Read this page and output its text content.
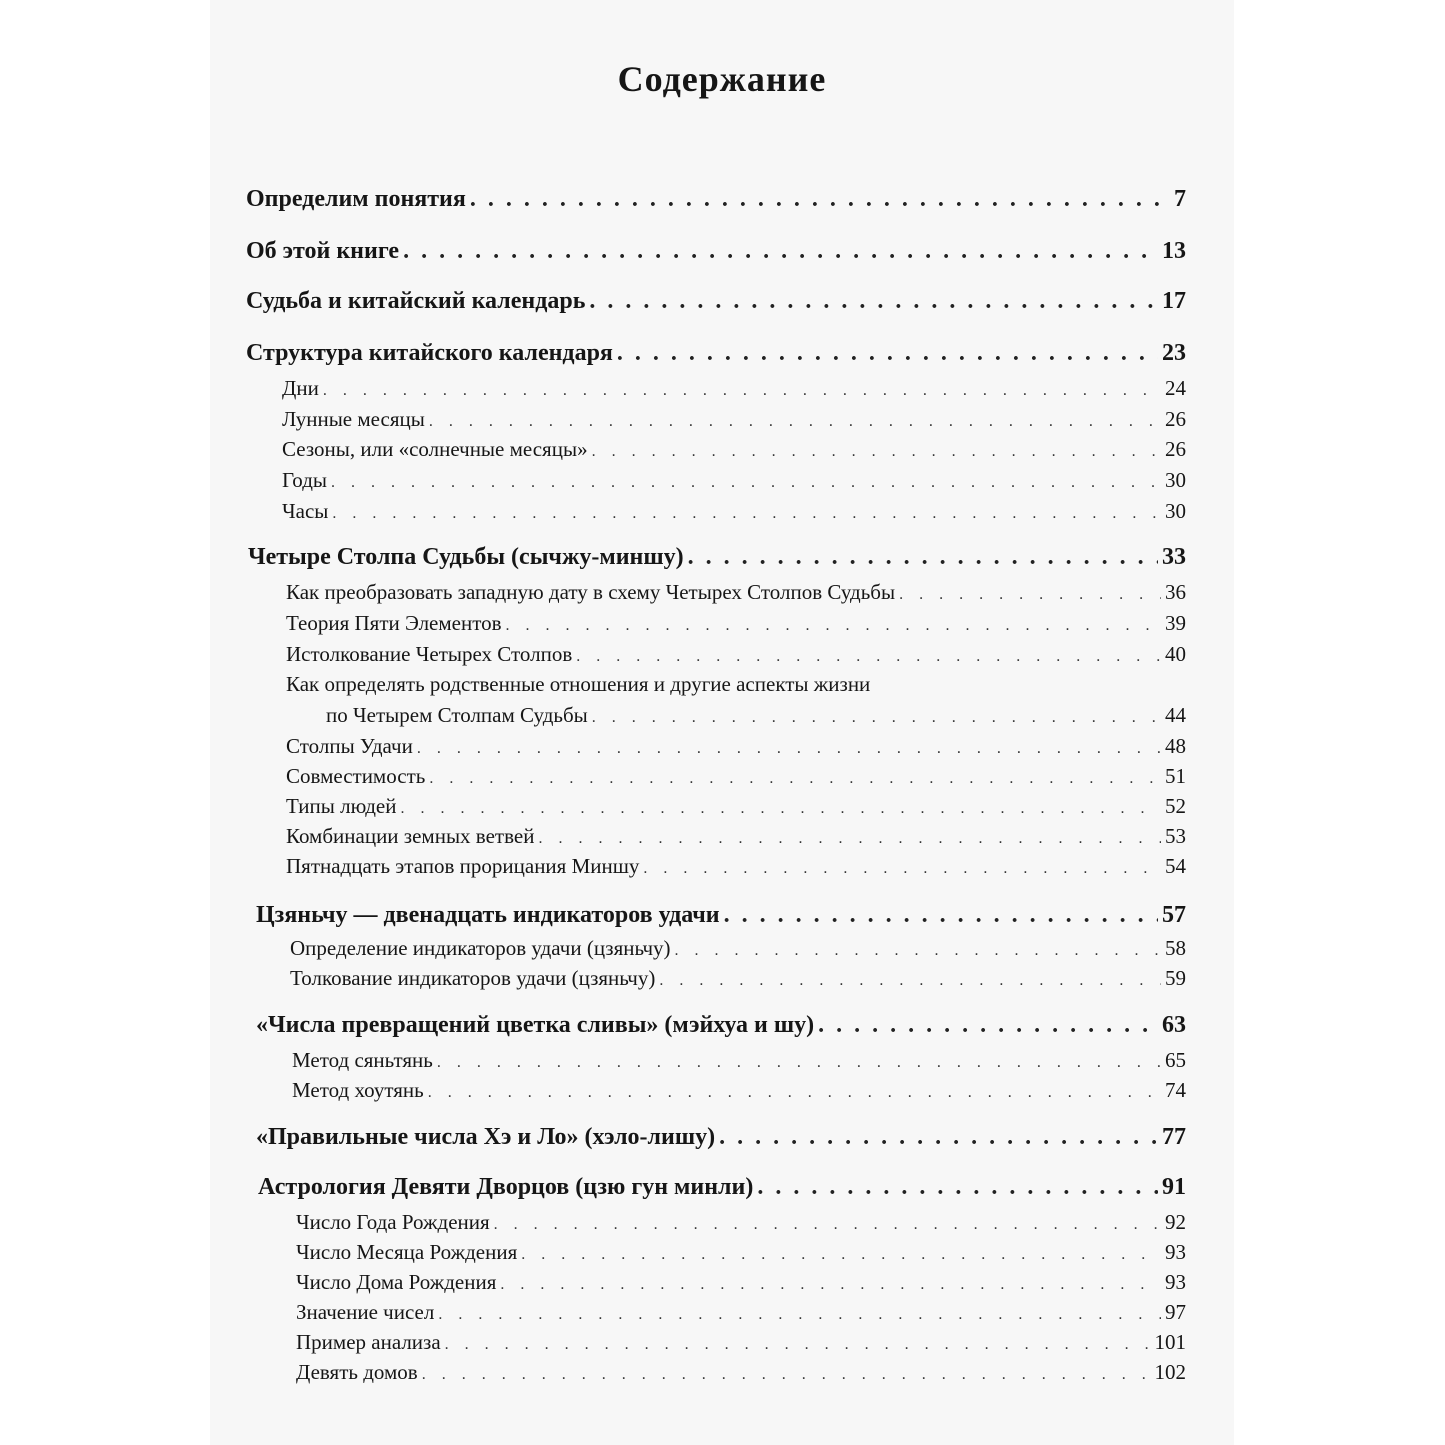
Содержание
Определим понятия . . .	7
Об этой книге . . .	13
Судьба и китайский календарь . . .	17
Структура китайского календаря . . .	23
Дни . . .	24
Лунные месяцы . . .	26
Сезоны, или «солнечные месяцы» . . .	26
Годы . . .	30
Часы . . .	30
Четыре Столпа Судьбы (сычжу-миншу) . . .	33
Как преобразовать западную дату в схему Четырех Столпов Судьбы . . .	36
Теория Пяти Элементов . . .	39
Истолкование Четырех Столпов . . .	40
Как определять родственные отношения и другие аспекты жизни
по Четырем Столпам Судьбы . . .	44
Столпы Удачи . . .	48
Совместимость . . .	51
Типы людей . . .	52
Комбинации земных ветвей . . .	53
Пятнадцать этапов прорицания Миншу . . .	54
Цзяньчу — двенадцать индикаторов удачи . . .	57
Определение индикаторов удачи (цзяньчу) . . .	58
Толкование индикаторов удачи (цзяньчу) . . .	59
«Числа превращений цветка сливы» (мэйхуа и шу) . . .	63
Метод сяньтянь . . .	65
Метод хоутянь . . .	74
«Правильные числа Хэ и Ло» (хэло-лишу) . . .	77
Астрология Девяти Дворцов (цзю гун минли) . . .	91
Число Года Рождения . . .	92
Число Месяца Рождения . . .	93
Число Дома Рождения . . .	93
Значение чисел . . .	97
Пример анализа . . .	101
Девять домов . . .	102
